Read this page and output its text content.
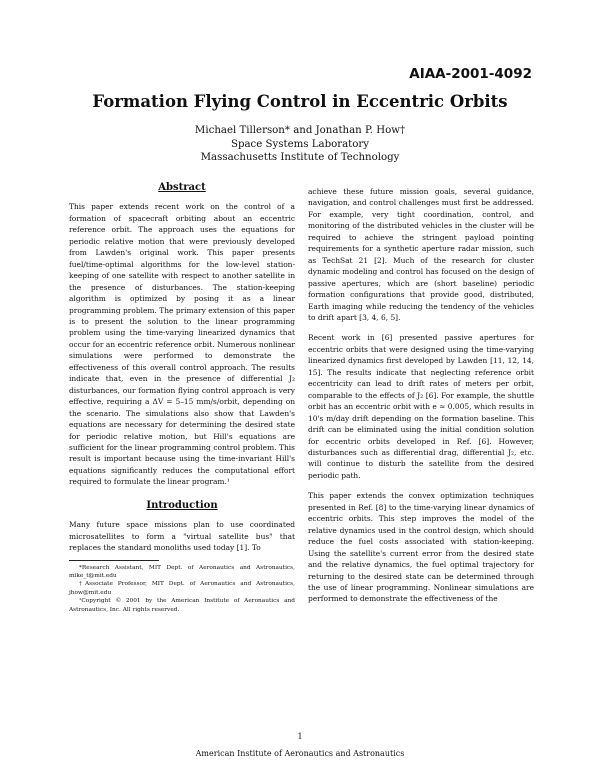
AIAA-2001-4092
Formation Flying Control in Eccentric Orbits
Michael Tillerson* and Jonathan P. How†
Space Systems Laboratory
Massachusetts Institute of Technology
Abstract

This paper extends recent work on the control of a formation of spacecraft orbiting about an eccentric reference orbit. The approach uses the equations for periodic relative motion that were previously developed from Lawden's original work. This paper presents fuel/time-optimal algorithms for the low-level station-keeping of one satellite with respect to another satellite in the presence of disturbances. The station-keeping algorithm is optimized by posing it as a linear programming problem. The primary extension of this paper is to present the solution to the linear programming problem using the time-varying linearized dynamics that occur for an eccentric reference orbit. Numerous nonlinear simulations were performed to demonstrate the effectiveness of this overall control approach. The results indicate that, even in the presence of differential J₂ disturbances, our formation flying control approach is very effective, requiring a ΔV = 5–15 mm/s/orbit, depending on the scenario. The simulations also show that Lawden's equations are necessary for determining the desired state for periodic relative motion, but Hill's equations are sufficient for the linear programming control problem. This result is important because using the time-invariant Hill's equations significantly reduces the computational effort required to formulate the linear program.¹

Introduction

Many future space missions plan to use coordinated microsatellites to form a "virtual satellite bus" that replaces the standard monoliths used today [1]. To

*Research Assistant, MIT Dept. of Aeronautics and Astronautics, mike_t@mit.edu

†Associate Professor, MIT Dept. of Aeronautics and Astronautics, jhow@mit.edu

¹Copyright © 2001 by the American Institute of Aeronautics and Astronautics, Inc. All rights reserved.

achieve these future mission goals, several guidance, navigation, and control challenges must first be addressed. For example, very tight coordination, control, and monitoring of the distributed vehicles in the cluster will be required to achieve the stringent payload pointing requirements for a synthetic aperture radar mission, such as TechSat 21 [2]. Much of the research for cluster dynamic modeling and control has focused on the design of passive apertures, which are (short baseline) periodic formation configurations that provide good, distributed, Earth imaging while reducing the tendency of the vehicles to drift apart [3, 4, 6, 5].

Recent work in [6] presented passive apertures for eccentric orbits that were designed using the time-varying linearized dynamics first developed by Lawden [11, 12, 14, 15]. The results indicate that neglecting reference orbit eccentricity can lead to drift rates of meters per orbit, comparable to the effects of J₂ [6]. For example, the shuttle orbit has an eccentric orbit with e ≈ 0.005, which results in 10's m/day drift depending on the formation baseline. This drift can be eliminated using the initial condition solution for eccentric orbits developed in Ref. [6]. However, disturbances such as differential drag, differential J₂, etc. will continue to disturb the satellite from the desired periodic path.

This paper extends the convex optimization techniques presented in Ref. [8] to the time-varying linear dynamics of eccentric orbits. This step improves the model of the relative dynamics used in the control design, which should reduce the fuel costs associated with station-keeping. Using the satellite's current error from the desired state and the relative dynamics, the fuel optimal trajectory for returning to the desired state can be determined through the use of linear programming. Nonlinear simulations are performed to demonstrate the effectiveness of the

1
American Institute of Aeronautics and Astronautics
